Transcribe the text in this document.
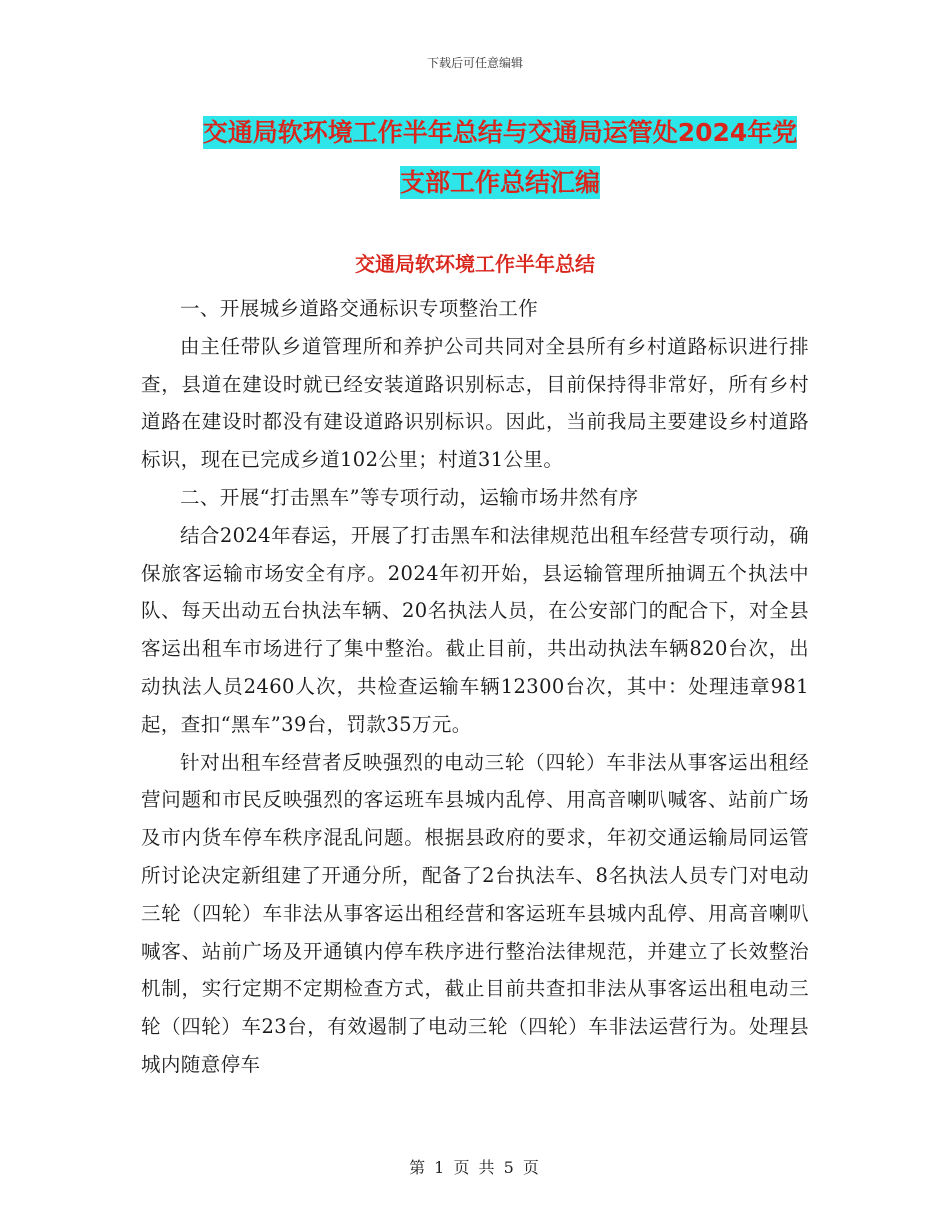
下载后可任意编辑
交通局软环境工作半年总结与交通局运管处2024年党
支部工作总结汇编
交通局软环境工作半年总结

一、开展城乡道路交通标识专项整治工作

由主任带队乡道管理所和养护公司共同对全县所有乡村道路标识进行排查，县道在建设时就已经安装道路识别标志，目前保持得非常好，所有乡村道路在建设时都没有建设道路识别标识。因此，当前我局主要建设乡村道路标识，现在已完成乡道102公里；村道31公里。

二、开展“打击黑车”等专项行动，运输市场井然有序

结合2024年春运，开展了打击黑车和法律规范出租车经营专项行动，确保旅客运输市场安全有序。2024年初开始，县运输管理所抽调五个执法中队、每天出动五台执法车辆、20名执法人员，在公安部门的配合下，对全县客运出租车市场进行了集中整治。截止目前，共出动执法车辆820台次，出动执法人员2460人次，共检查运输车辆12300台次，其中：处理违章981起，查扣“黑车”39台，罚款35万元。

针对出租车经营者反映强烈的电动三轮（四轮）车非法从事客运出租经营问题和市民反映强烈的客运班车县城内乱停、用高音喇叭喊客、站前广场及市内货车停车秩序混乱问题。根据县政府的要求，年初交通运输局同运管所讨论决定新组建了开通分所，配备了2台执法车、8名执法人员专门对电动三轮（四轮）车非法从事客运出租经营和客运班车县城内乱停、用高音喇叭喊客、站前广场及开通镇内停车秩序进行整治法律规范，并建立了长效整治机制，实行定期不定期检查方式，截止目前共查扣非法从事客运出租电动三轮（四轮）车23台，有效遏制了电动三轮（四轮）车非法运营行为。处理县城内随意停车

第 1 页 共 5 页
